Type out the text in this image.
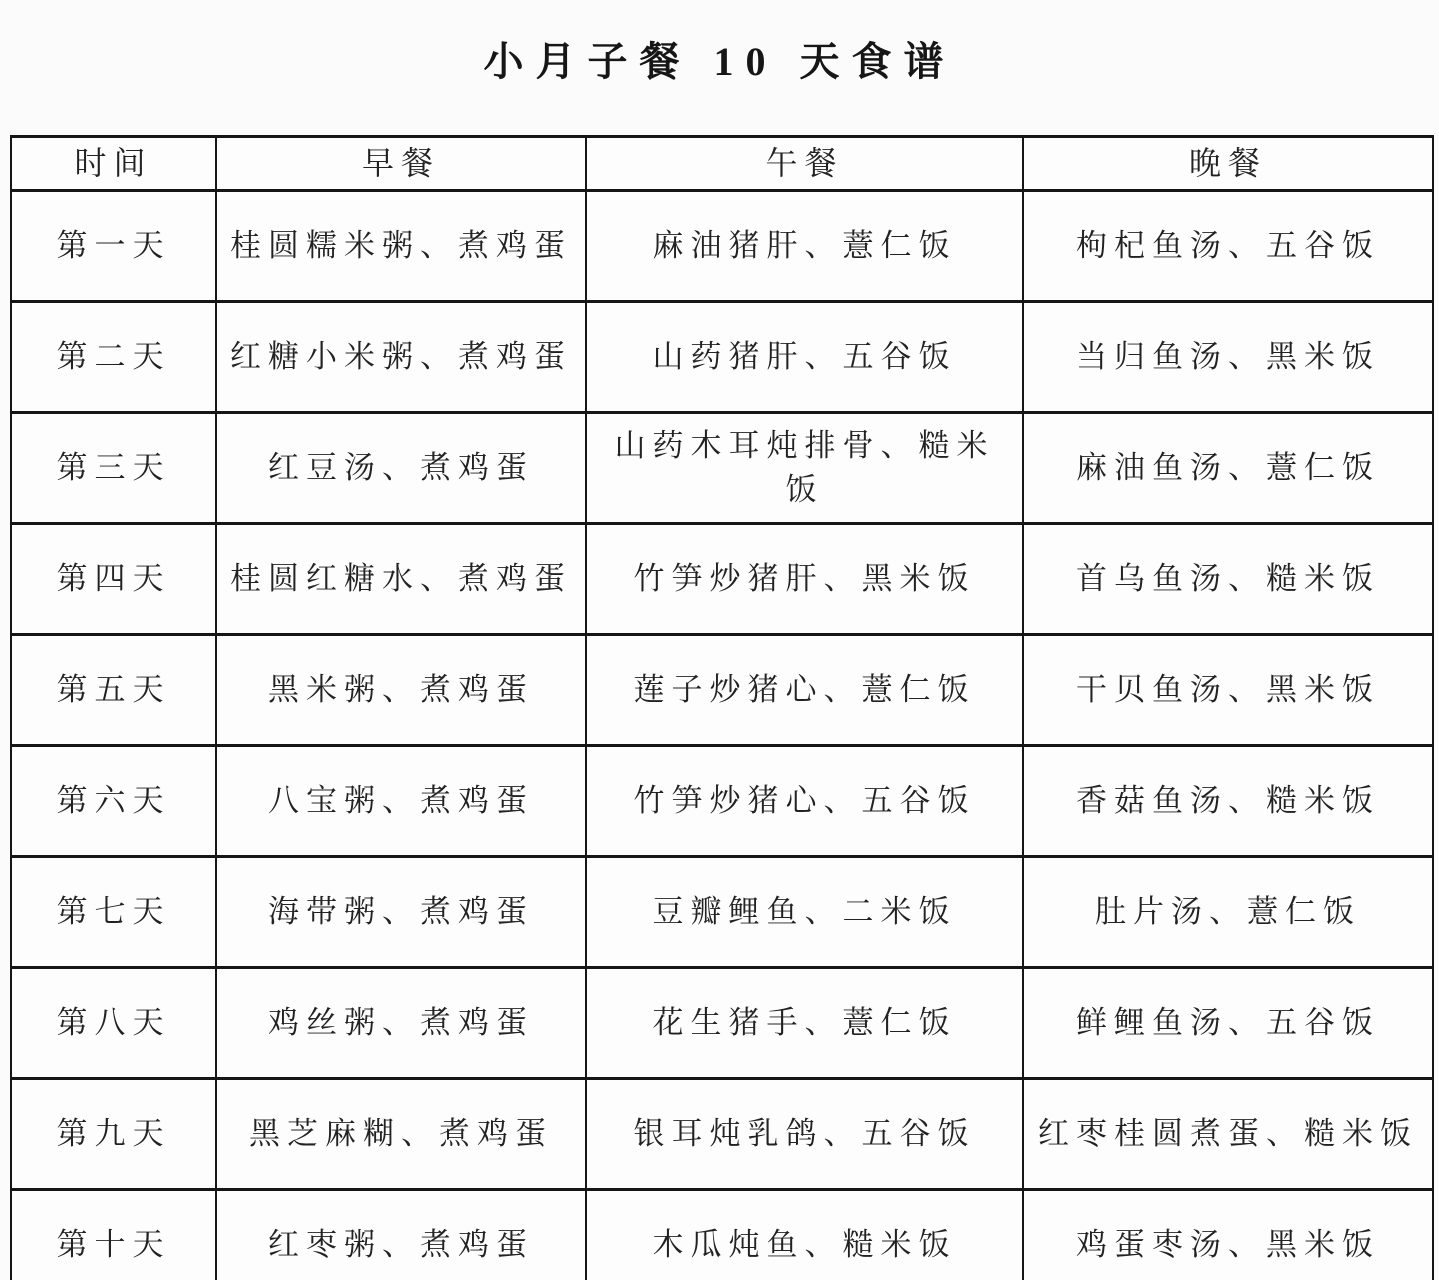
小月子餐 10 天食谱
时间	早餐	午餐	晚餐
第一天	桂圆糯米粥、煮鸡蛋	麻油猪肝、薏仁饭	枸杞鱼汤、五谷饭
第二天	红糖小米粥、煮鸡蛋	山药猪肝、五谷饭	当归鱼汤、黑米饭
第三天	红豆汤、煮鸡蛋	山药木耳炖排骨、糙米饭	麻油鱼汤、薏仁饭
第四天	桂圆红糖水、煮鸡蛋	竹笋炒猪肝、黑米饭	首乌鱼汤、糙米饭
第五天	黑米粥、煮鸡蛋	莲子炒猪心、薏仁饭	干贝鱼汤、黑米饭
第六天	八宝粥、煮鸡蛋	竹笋炒猪心、五谷饭	香菇鱼汤、糙米饭
第七天	海带粥、煮鸡蛋	豆瓣鲤鱼、二米饭	肚片汤、薏仁饭
第八天	鸡丝粥、煮鸡蛋	花生猪手、薏仁饭	鲜鲤鱼汤、五谷饭
第九天	黑芝麻糊、煮鸡蛋	银耳炖乳鸽、五谷饭	红枣桂圆煮蛋、糙米饭
第十天	红枣粥、煮鸡蛋	木瓜炖鱼、糙米饭	鸡蛋枣汤、黑米饭
